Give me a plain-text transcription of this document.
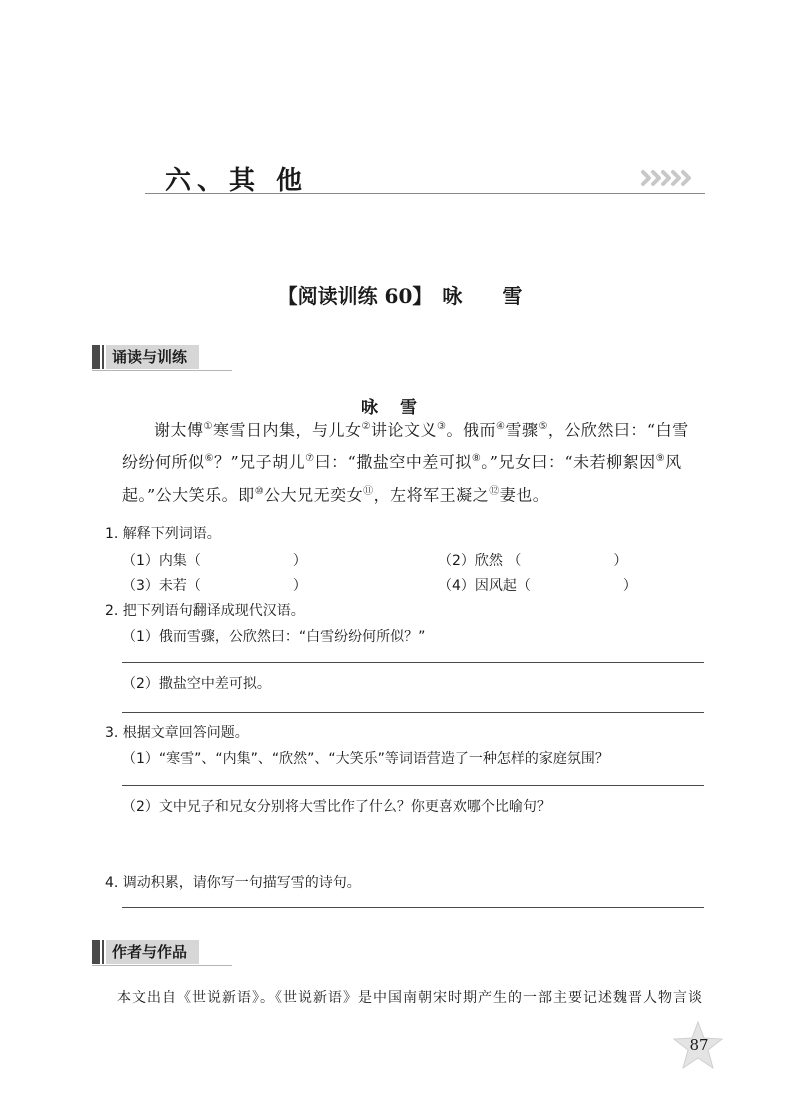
六、其 他
【阅读训练 60】 咏 雪
诵读与训练
咏雪
谢太傅①寒雪日内集，与儿女②讲论文义③。俄而④雪骤⑤，公欣然曰：“白雪纷纷何所似⑥？”兄子胡儿⑦曰：“撒盐空中差可拟⑧。”兄女曰：“未若柳絮因⑨风起。”公大笑乐。即⑩公大兄无奕女⑪，左将军王凝之⑫妻也。
1. 解释下列词语。
（1）内集（	）	（2）欣然 （	）
（3）未若（	）	（4）因风起（	）
2. 把下列语句翻译成现代汉语。
（1）俄而雪骤，公欣然曰：“白雪纷纷何所似？”
（2）撒盐空中差可拟。
3. 根据文章回答问题。
（1）“寒雪”、“内集”、“欣然”、“大笑乐”等词语营造了一种怎样的家庭氛围？
（2）文中兄子和兄女分别将大雪比作了什么？你更喜欢哪个比喻句？
4. 调动积累，请你写一句描写雪的诗句。
作者与作品
本文出自《世说新语》。《世说新语》是中国南朝宋时期产生的一部主要记述魏晋人物言谈
87
